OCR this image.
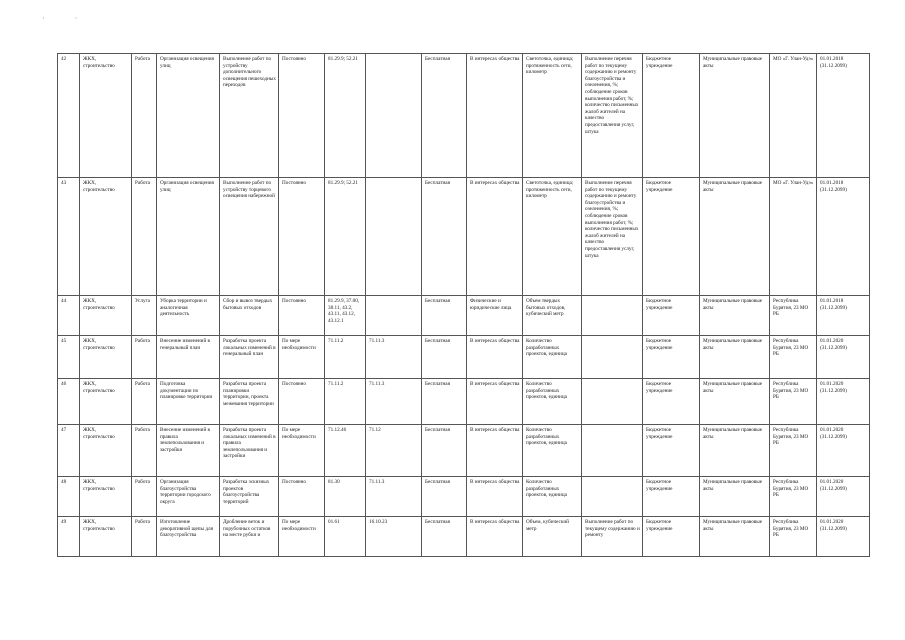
· ·
42	ЖКХ, строительство	Работа	Организация освещения улиц	Выполнение работ по устройству дополнительного освещения пешеходных переходов	Постоянно	81.29.9; 52.21		Бесплатная	В интересах общества	Светоточка, единица; протяженность сети, километр	Выполнение перечня работ по текущему содержанию и ремонту благоустройства и озеленения, %; соблюдение сроков выполнения работ, %; количество письменных жалоб жителей на качество предоставления услуг, штука	Бюджетное учреждение	Муниципальные правовые акты	МО «Г. Улан-Удэ»	01.01.2018 (31.12.2099)
43	ЖКХ, строительство	Работа	Организация освещения улиц	Выполнение работ по устройству торцевого освещения набережной	Постоянно	81.29.9; 52.21		Бесплатная	В интересах общества	Светоточка, единица; протяженность сети, километр	Выполнение перечня работ по текущему содержанию и ремонту благоустройства и озеленения, %; соблюдение сроков выполнения работ, %; количество письменных жалоб жителей на качество предоставления услуг, штука	Бюджетное учреждение	Муниципальные правовые акты	МО «Г. Улан-Удэ»	01.01.2018 (31.12.2099)
44	ЖКХ, строительство	Услуга	Уборка территории и аналогичная деятельность	Сбор и вывоз твердых бытовых отходов	Постоянно	81.29.9, 37.00, 38.11, 43.2, 43.11, 43.12, 43.12.1		Бесплатная	Физические и юридические лица	Объем твердых бытовых отходов, кубический метр		Бюджетное учреждение	Муниципальные правовые акты	Республика Бурятия, 23 МО РБ	01.01.2018 (31.12.2099)
45	ЖКХ, строительство	Работа	Внесение изменений в генеральный план	Разработка проекта локальных изменений в генеральный план	По мере необходимости	71.11.2	71.11.3	Бесплатная	В интересах общества	Количество разработанных проектов, единица		Бюджетное учреждение	Муниципальные правовые акты	Республика Бурятия, 23 МО РБ	01.01.2020 (31.12.2099)
46	ЖКХ, строительство	Работа	Подготовка документации по планировке территории	Разработка проекта планировки территории, проекта межевания территории	Постоянно	71.11.2	71.11.3	Бесплатная	В интересах общества	Количество разработанных проектов, единица		Бюджетное учреждение	Муниципальные правовые акты	Республика Бурятия, 23 МО РБ	01.01.2020 (31.12.2099)
47	ЖКХ, строительство	Работа	Внесение изменений в правила землепользования и застройки	Разработка проекта локальных изменений в правила землепользования и застройки	По мере необходимости	71.12.46	71.12	Бесплатная	В интересах общества	Количество разработанных проектов, единица		Бюджетное учреждение	Муниципальные правовые акты	Республика Бурятия, 23 МО РБ	01.01.2020 (31.12.2099)
48	ЖКХ, строительство	Работа	Организация благоустройства территории городского округа	Разработка эскизных проектов благоустройства территорий	Постоянно	81.30	71.11.3	Бесплатная	В интересах общества	Количество разработанных проектов, единица		Бюджетное учреждение	Муниципальные правовые акты	Республика Бурятия, 23 МО РБ	01.01.2020 (31.12.2099)
49	ЖКХ, строительство	Работа	Изготовление декоративной щепы для благоустройства	Дробление веток и порубочных остатков на месте рубки и	По мере необходимости	01.61	16.10.23	Бесплатная	В интересах общества	Объем, кубический метр	Выполнение работ по текущему содержанию и ремонту	Бюджетное учреждение	Муниципальные правовые акты	Республика Бурятия, 23 МО РБ	01.01.2020 (31.12.2099)
